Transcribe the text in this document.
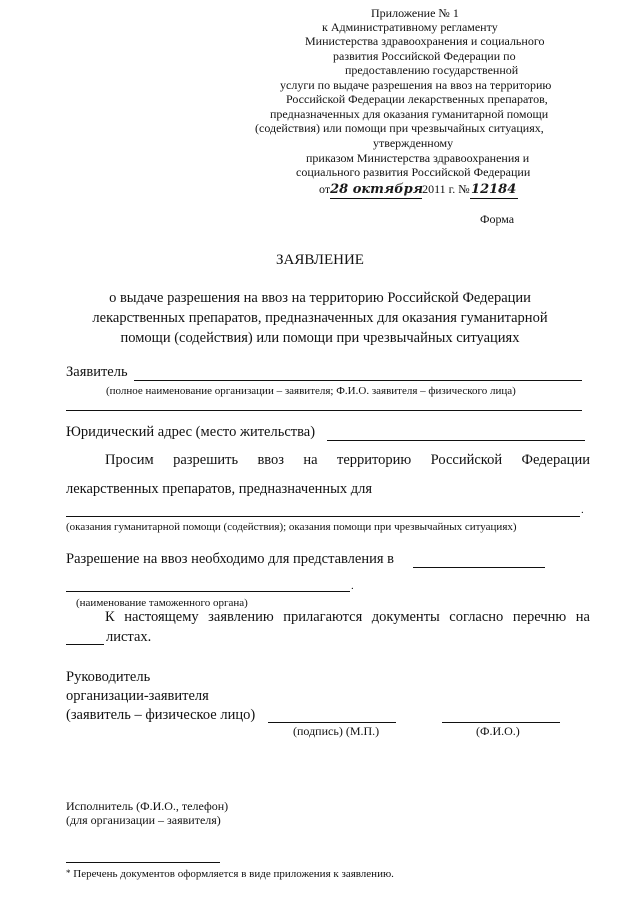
Приложение № 1
к Административному регламенту
Министерства здравоохранения и социального
развития Российской Федерации по
предоставлению государственной
услуги по выдаче разрешения на ввоз на территорию
Российской Федерации лекарственных препаратов,
предназначенных для оказания гуманитарной помощи
(содействия) или помощи при чрезвычайных ситуациях,
утвержденному
приказом Министерства здравоохранения и
социального развития Российской Федерации
от28 октября2011 г. №12184
Форма
ЗАЯВЛЕНИЕ
о выдаче разрешения на ввоз на территорию Российской Федерации
лекарственных препаратов, предназначенных для оказания гуманитарной
помощи (содействия) или помощи при чрезвычайных ситуациях
Заявитель
(полное наименование организации – заявителя; Ф.И.О. заявителя – физического лица)
Юридический адрес (место жительства)
Просим разрешить ввоз на территорию Российской Федерации
лекарственных препаратов, предназначенных для
.
(оказания гуманитарной помощи (содействия); оказания помощи при чрезвычайных ситуациях)
Разрешение на ввоз необходимо для представления в
.
(наименование таможенного органа)
К настоящему заявлению прилагаются документы согласно перечню на
листах.
Руководитель
организации-заявителя
(заявитель – физическое лицо)
(подпись) (М.П.)	(Ф.И.О.)
Исполнитель (Ф.И.О., телефон)
(для организации – заявителя)
* Перечень документов оформляется в виде приложения к заявлению.
